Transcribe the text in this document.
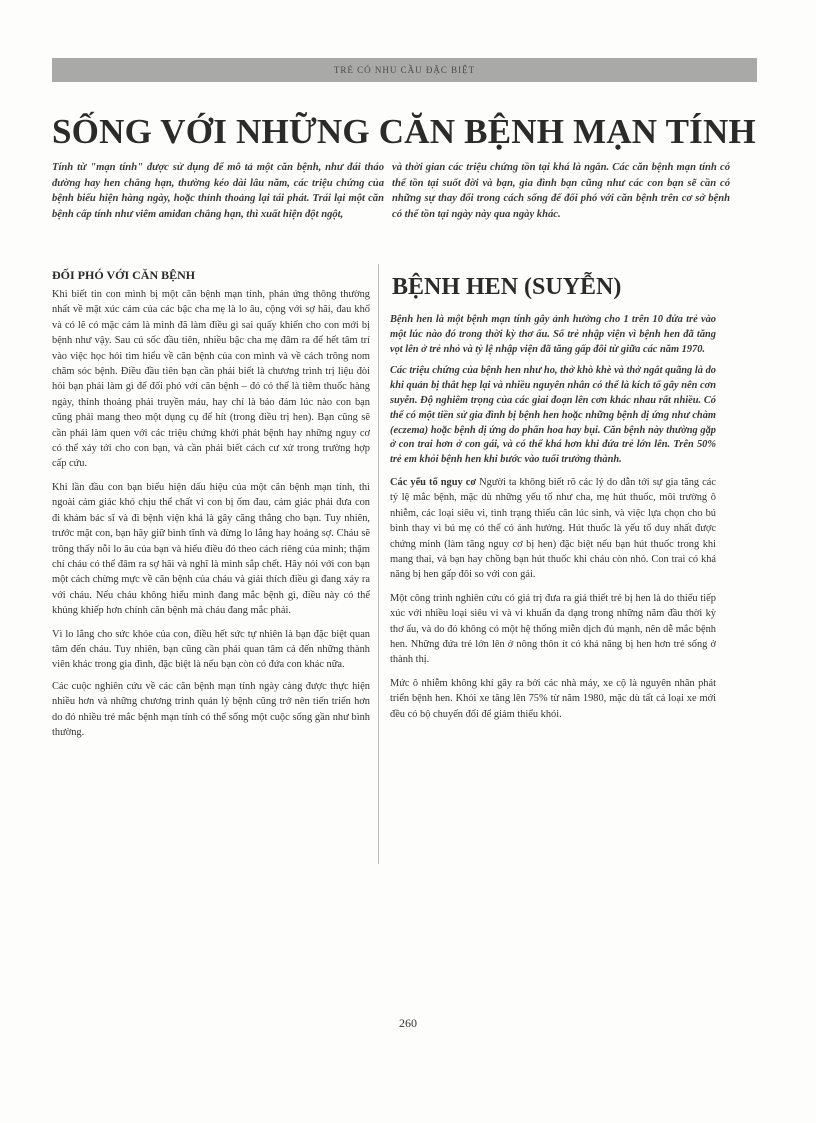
TRẺ CÓ NHU CẦU ĐẶC BIỆT
SỐNG VỚI NHỮNG CĂN BỆNH MẠN TÍNH
Tính từ "mạn tính" được sử dụng để mô tả một căn bệnh, như đái tháo đường hay hen chẳng hạn, thường kéo dài lâu năm, các triệu chứng của bệnh biểu hiện hàng ngày, hoặc thỉnh thoảng lại tái phát. Trái lại một căn bệnh cấp tính như viêm amiđan chẳng hạn, thì xuất hiện đột ngột,
và thời gian các triệu chứng tồn tại khá là ngắn. Các căn bệnh mạn tính có thể tồn tại suốt đời và bạn, gia đình bạn cũng như các con bạn sẽ cần có những sự thay đổi trong cách sống để đối phó với căn bệnh trên cơ sở bệnh có thể tồn tại ngày này qua ngày khác.
ĐỐI PHÓ VỚI CĂN BỆNH

Khi biết tin con mình bị một căn bệnh mạn tính, phản ứng thông thường nhất về mặt xúc cảm của các bậc cha mẹ là lo âu, cộng với sợ hãi, đau khổ và có lẽ có mặc cảm là mình đã làm điều gì sai quấy khiến cho con mới bị bệnh như vậy. Sau cú sốc đầu tiên, nhiều bậc cha mẹ đâm ra để hết tâm trí vào việc học hỏi tìm hiểu về căn bệnh của con mình và về cách trông nom chăm sóc bệnh. Điều đầu tiên bạn cần phải biết là chương trình trị liệu đòi hỏi bạn phải làm gì để đối phó với căn bệnh – đó có thể là tiêm thuốc hàng ngày, thỉnh thoảng phải truyền máu, hay chỉ là bảo đảm lúc nào con bạn cũng phải mang theo một dụng cụ để hít (trong điều trị hen). Bạn cũng sẽ cần phải làm quen với các triệu chứng khởi phát bệnh hay những nguy cơ có thể xảy tới cho con bạn, và cần phải biết cách cư xử trong trường hợp cấp cứu.

Khi lần đầu con bạn biểu hiện dấu hiệu của một căn bệnh mạn tính, thì ngoài cảm giác khó chịu thể chất vì con bị ốm đau, cảm giác phải đưa con đi khám bác sĩ và đi bệnh viện khá là gây căng thẳng cho bạn. Tuy nhiên, trước mặt con, bạn hãy giữ bình tĩnh và đừng lo lắng hay hoảng sợ. Cháu sẽ trông thấy nỗi lo âu của bạn và hiểu điều đó theo cách riêng của mình; thậm chí cháu có thể đâm ra sợ hãi và nghĩ là mình sắp chết. Hãy nói với con bạn một cách chừng mực về căn bệnh của cháu và giải thích điều gì đang xảy ra với cháu. Nếu cháu không hiểu mình đang mắc bệnh gì, điều này có thể khủng khiếp hơn chính căn bệnh mà cháu đang mắc phải.

Vì lo lắng cho sức khỏe của con, điều hết sức tự nhiên là bạn đặc biệt quan tâm đến cháu. Tuy nhiên, bạn cũng cần phải quan tâm cả đến những thành viên khác trong gia đình, đặc biệt là nếu bạn còn có đứa con khác nữa.

Các cuộc nghiên cứu về các căn bệnh mạn tính ngày càng được thực hiện nhiều hơn và những chương trình quản lý bệnh cũng trở nên tiến triển hơn do đó nhiều trẻ mắc bệnh mạn tính có thể sống một cuộc sống gần như bình thường.

BỆNH HEN (SUYỄN)

Bệnh hen là một bệnh mạn tính gây ảnh hưởng cho 1 trên 10 đứa trẻ vào một lúc nào đó trong thời kỳ thơ ấu. Số trẻ nhập viện vì bệnh hen đã tăng vọt lên ở trẻ nhỏ và tỷ lệ nhập viện đã tăng gấp đôi từ giữa các năm 1970.

Các triệu chứng của bệnh hen như ho, thở khò khè và thở ngắt quãng là do khi quản bị thắt hẹp lại và nhiều nguyên nhân có thể là kích tố gây nên cơn suyễn. Độ nghiêm trọng của các giai đoạn lên cơn khác nhau rất nhiều. Có thể có một tiền sử gia đình bị bệnh hen hoặc những bệnh dị ứng như chàm (eczema) hoặc bệnh dị ứng do phấn hoa hay bụi. Căn bệnh này thường gặp ở con trai hơn ở con gái, và có thể khá hơn khi đứa trẻ lớn lên. Trên 50% trẻ em khỏi bệnh hen khi bước vào tuổi trưởng thành.

Các yếu tố nguy cơ Người ta không biết rõ các lý do dẫn tới sự gia tăng các tỷ lệ mắc bệnh, mặc dù những yếu tố như cha, mẹ hút thuốc, môi trường ô nhiễm, các loại siêu vi, tình trạng thiếu cân lúc sinh, và việc lựa chọn cho bú bình thay vì bú mẹ có thể có ảnh hưởng. Hút thuốc là yếu tố duy nhất được chứng minh (làm tăng nguy cơ bị hen) đặc biệt nếu bạn hút thuốc trong khi mang thai, và bạn hay chồng bạn hút thuốc khi cháu còn nhỏ. Con trai có khả năng bị hen gấp đôi so với con gái.

Một công trình nghiên cứu có giá trị đưa ra giả thiết trẻ bị hen là do thiếu tiếp xúc với nhiều loại siêu vi và vi khuẩn đa dạng trong những năm đầu thời kỳ thơ ấu, và do đó không có một hệ thống miễn dịch đủ mạnh, nên dễ mắc bệnh hen. Những đứa trẻ lớn lên ở nông thôn ít có khả năng bị hen hơn trẻ sống ở thành thị.

Mức ô nhiễm không khí gây ra bởi các nhà máy, xe cộ là nguyên nhân phát triển bệnh hen. Khói xe tăng lên 75% từ năm 1980, mặc dù tất cả loại xe mới đều có bộ chuyển đổi để giảm thiểu khói.

260
